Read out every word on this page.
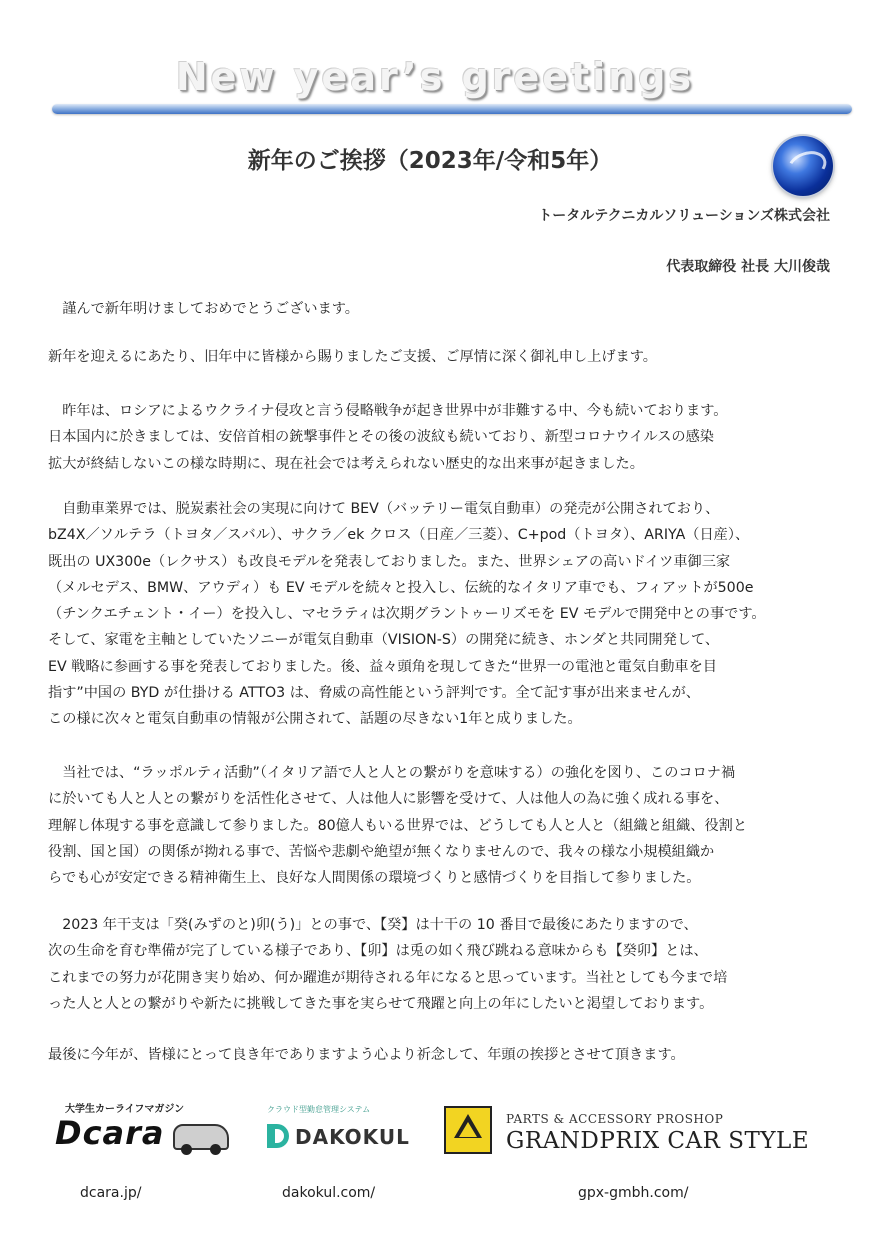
New year’s greetings
新年のご挨拶（2023年/令和5年）
トータルテクニカルソリューションズ株式会社
代表取締役 社長 大川俊哉

　謹んで新年明けましておめでとうございます。

新年を迎えるにあたり、旧年中に皆様から賜りましたご支援、ご厚情に深く御礼申し上げます。

　昨年は、ロシアによるウクライナ侵攻と言う侵略戦争が起き世界中が非難する中、今も続いております。
日本国内に於きましては、安倍首相の銃撃事件とその後の波紋も続いており、新型コロナウイルスの感染
拡大が終結しないこの様な時期に、現在社会では考えられない歴史的な出来事が起きました。

　自動車業界では、脱炭素社会の実現に向けて BEV（バッテリー電気自動車）の発売が公開されており、
bZ4X／ソルテラ（トヨタ／スバル）、サクラ／ek クロス（日産／三菱）、C+pod（トヨタ）、ARIYA（日産）、
既出の UX300e（レクサス）も改良モデルを発表しておりました。また、世界シェアの高いドイツ車御三家
（メルセデス、BMW、アウディ）も EV モデルを続々と投入し、伝統的なイタリア車でも、フィアットが500e
（チンクエチェント・イー）を投入し、マセラティは次期グラントゥーリズモを EV モデルで開発中との事です。
そして、家電を主軸としていたソニーが電気自動車（VISION-S）の開発に続き、ホンダと共同開発して、
EV 戦略に参画する事を発表しておりました。後、益々頭角を現してきた“世界一の電池と電気自動車を目
指す”中国の BYD が仕掛ける ATTO3 は、脅威の高性能という評判です。全て記す事が出来ませんが、
この様に次々と電気自動車の情報が公開されて、話題の尽きない1年と成りました。

　当社では、“ラッポルティ活動”（イタリア語で人と人との繋がりを意味する）の強化を図り、このコロナ禍
に於いても人と人との繋がりを活性化させて、人は他人に影響を受けて、人は他人の為に強く成れる事を、
理解し体現する事を意識して参りました。80億人もいる世界では、どうしても人と人と（組織と組織、役割と
役割、国と国）の関係が拗れる事で、苦悩や悲劇や絶望が無くなりませんので、我々の様な小規模組織か
らでも心が安定できる精神衛生上、良好な人間関係の環境づくりと感情づくりを目指して参りました。

　2023 年干支は「癸(みずのと)卯(う)」との事で、【癸】は十干の 10 番目で最後にあたりますので、
次の生命を育む準備が完了している様子であり、【卯】は兎の如く飛び跳ねる意味からも【癸卯】とは、
これまでの努力が花開き実り始め、何か躍進が期待される年になると思っています。当社としても今まで培
った人と人との繋がりや新たに挑戦してきた事を実らせて飛躍と向上の年にしたいと渇望しております。

最後に今年が、皆様にとって良き年でありますよう心より祈念して、年頭の挨拶とさせて頂きます。

大学生カーライフマガジン
Dcara
クラウド型勤怠管理システム
DAKOKUL
PARTS & ACCESSORY PROSHOP
GRANDPRIX CAR STYLE
dcara.jp/	dakokul.com/	gpx-gmbh.com/
